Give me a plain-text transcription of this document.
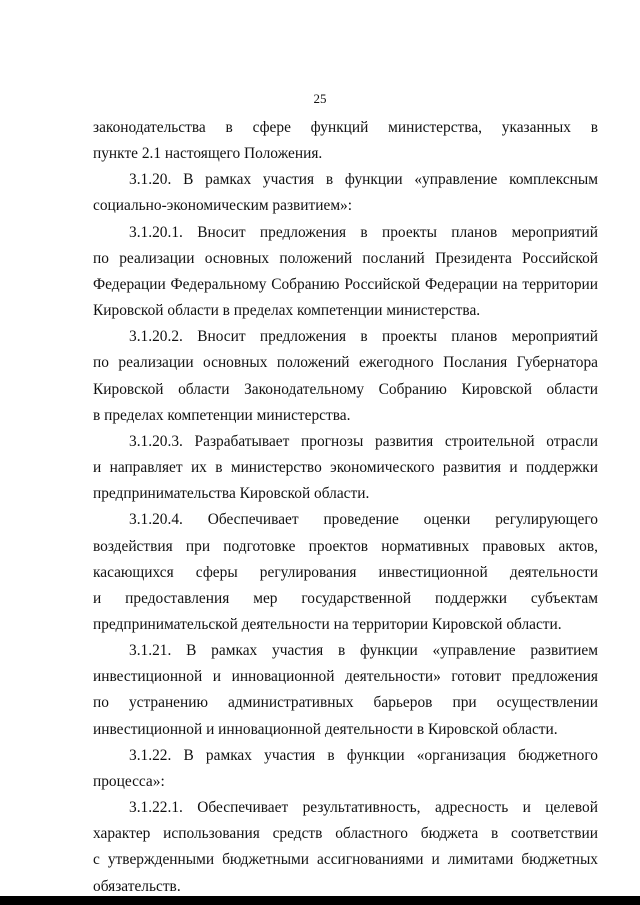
25

законодательства в сфере функций министерства, указанных в
пункте 2.1 настоящего Положения.

3.1.20. В рамках участия в функции «управление комплексным
социально-экономическим развитием»:

3.1.20.1. Вносит предложения в проекты планов мероприятий
по реализации основных положений посланий Президента Российской
Федерации Федеральному Собранию Российской Федерации на территории
Кировской области в пределах компетенции министерства.

3.1.20.2. Вносит предложения в проекты планов мероприятий
по реализации основных положений ежегодного Послания Губернатора
Кировской области Законодательному Собранию Кировской области
в пределах компетенции министерства.

3.1.20.3. Разрабатывает прогнозы развития строительной отрасли
и направляет их в министерство экономического развития и поддержки
предпринимательства Кировской области.

3.1.20.4. Обеспечивает проведение оценки регулирующего
воздействия при подготовке проектов нормативных правовых актов,
касающихся сферы регулирования инвестиционной деятельности
и предоставления мер государственной поддержки субъектам
предпринимательской деятельности на территории Кировской области.

3.1.21. В рамках участия в функции «управление развитием
инвестиционной и инновационной деятельности» готовит предложения
по устранению административных барьеров при осуществлении
инвестиционной и инновационной деятельности в Кировской области.

3.1.22. В рамках участия в функции «организация бюджетного
процесса»:

3.1.22.1. Обеспечивает результативность, адресность и целевой
характер использования средств областного бюджета в соответствии
с утвержденными бюджетными ассигнованиями и лимитами бюджетных
обязательств.
